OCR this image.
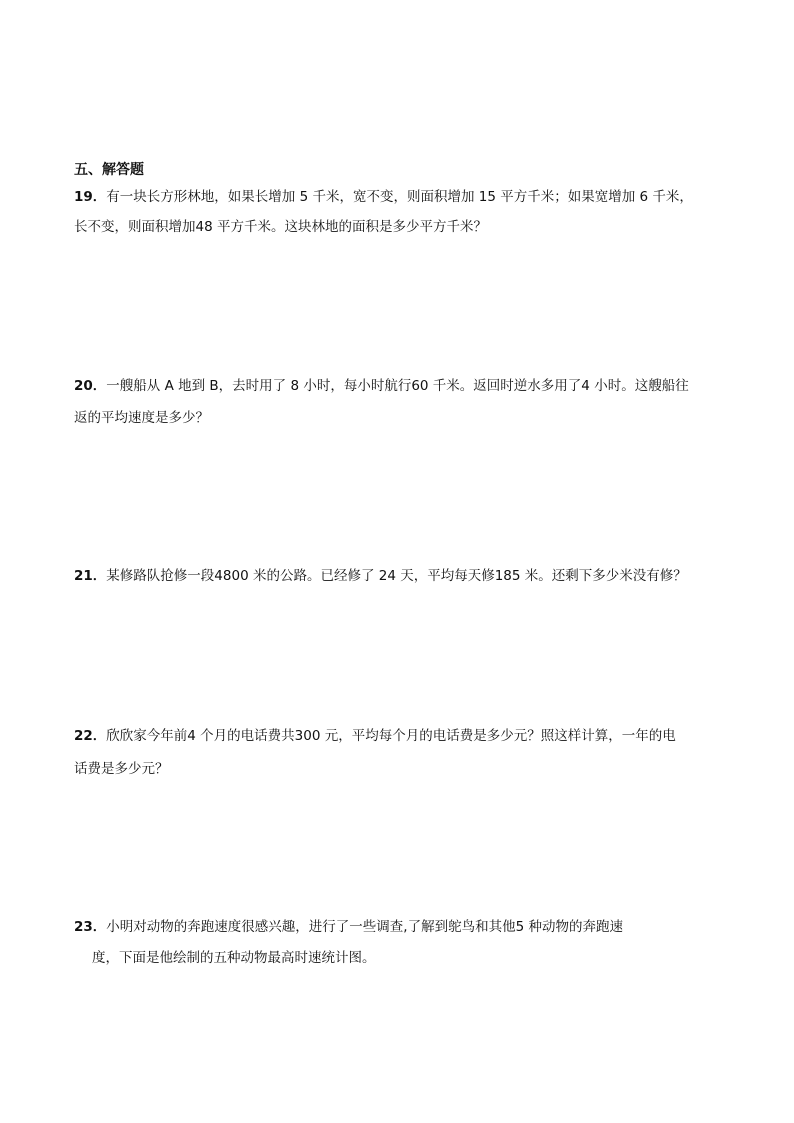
五、解答题
19．有一块长方形林地，如果长增加 5 千米，宽不变，则面积增加 15 平方千米；如果宽增加 6 千米，
长不变，则面积增加48 平方千米。这块林地的面积是多少平方千米？
20．一艘船从 A 地到 B，去时用了 8 小时，每小时航行60 千米。返回时逆水多用了4 小时。这艘船往
返的平均速度是多少？
21．某修路队抢修一段4800 米的公路。已经修了 24 天，平均每天修185 米。还剩下多少米没有修？
22．欣欣家今年前4 个月的电话费共300 元，平均每个月的电话费是多少元？照这样计算，一年的电
话费是多少元？
23．小明对动物的奔跑速度很感兴趣，进行了一些调查,了解到鸵鸟和其他5 种动物的奔跑速
度，下面是他绘制的五种动物最高时速统计图。
